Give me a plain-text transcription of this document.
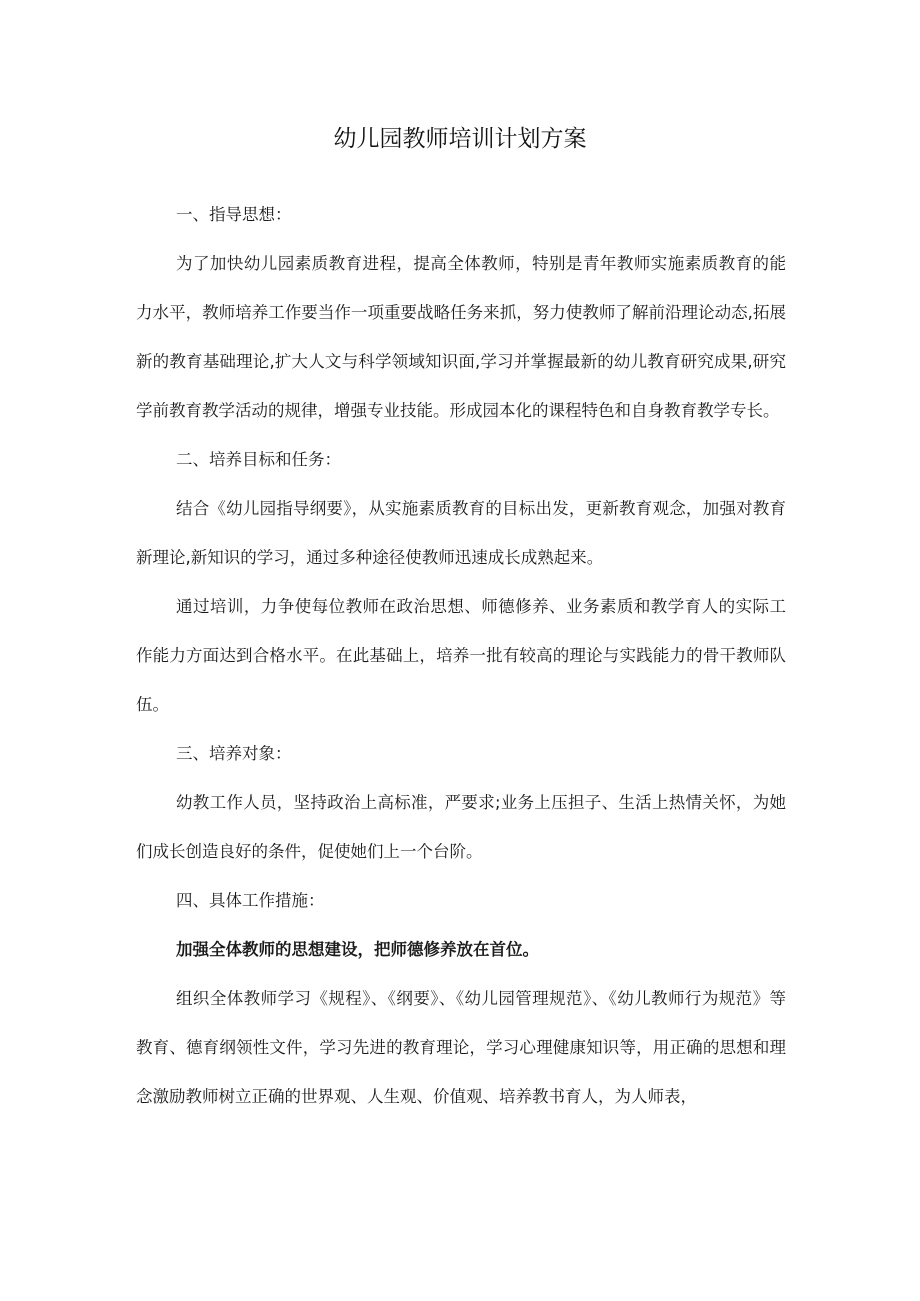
幼儿园教师培训计划方案

一、指导思想：

为了加快幼儿园素质教育进程，提高全体教师，特别是青年教师实施素质教育的能力水平，教师培养工作要当作一项重要战略任务来抓，努力使教师了解前沿理论动态,拓展新的教育基础理论,扩大人文与科学领域知识面,学习并掌握最新的幼儿教育研究成果,研究学前教育教学活动的规律，增强专业技能。形成园本化的课程特色和自身教育教学专长。

二、培养目标和任务：

结合《幼儿园指导纲要》，从实施素质教育的目标出发，更新教育观念，加强对教育新理论,新知识的学习，通过多种途径使教师迅速成长成熟起来。

通过培训，力争使每位教师在政治思想、师德修养、业务素质和教学育人的实际工作能力方面达到合格水平。在此基础上，培养一批有较高的理论与实践能力的骨干教师队伍。

三、培养对象：

幼教工作人员，坚持政治上高标准，严要求;业务上压担子、生活上热情关怀，为她们成长创造良好的条件，促使她们上一个台阶。

四、具体工作措施：

加强全体教师的思想建设，把师德修养放在首位。

组织全体教师学习《规程》、《纲要》、《幼儿园管理规范》、《幼儿教师行为规范》等教育、德育纲领性文件，学习先进的教育理论，学习心理健康知识等，用正确的思想和理念激励教师树立正确的世界观、人生观、价值观、培养教书育人，为人师表，
